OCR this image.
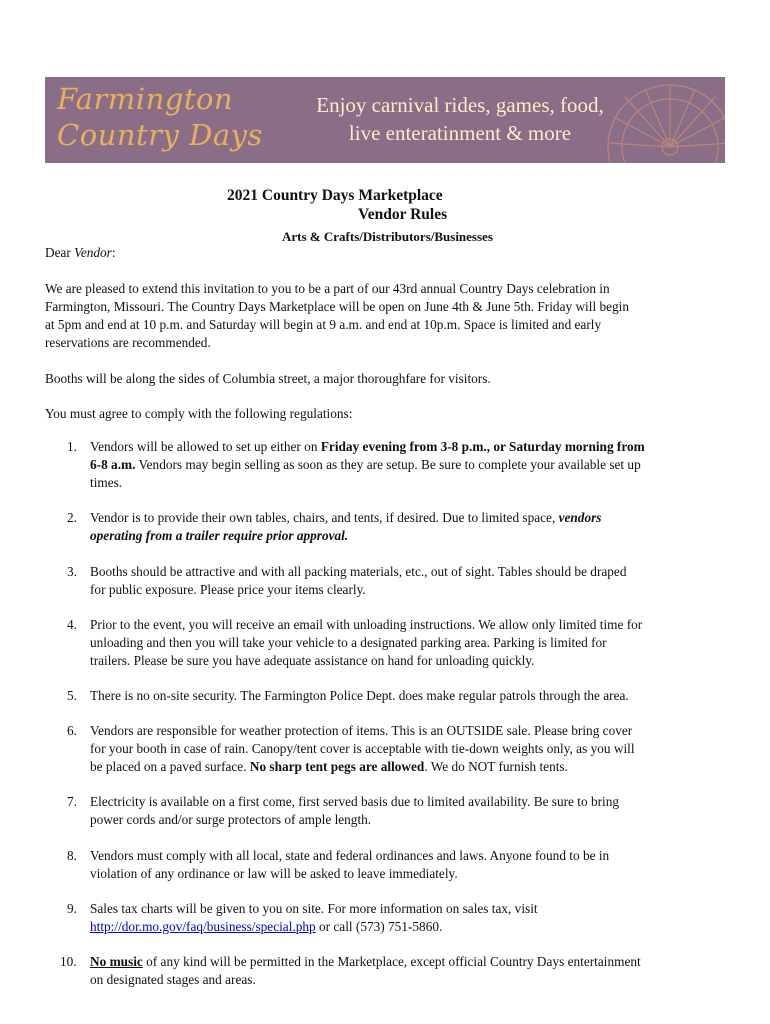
Farmington
Country Days
Enjoy carnival rides, games, food,
live enteratinment & more
2021 Country Days Marketplace
Vendor Rules
Arts & Crafts/Distributors/Businesses
Dear Vendor:
We are pleased to extend this invitation to you to be a part of our 43rd annual Country Days celebration in
Farmington, Missouri. The Country Days Marketplace will be open on June 4th & June 5th. Friday will begin
at 5pm and end at 10 p.m. and Saturday will begin at 9 a.m. and end at 10p.m. Space is limited and early
reservations are recommended.
Booths will be along the sides of Columbia street, a major thoroughfare for visitors.
You must agree to comply with the following regulations:
1. Vendors will be allowed to set up either on Friday evening from 3-8 p.m., or Saturday morning from
6-8 a.m. Vendors may begin selling as soon as they are setup. Be sure to complete your available set up
times.
2. Vendor is to provide their own tables, chairs, and tents, if desired. Due to limited space, vendors
operating from a trailer require prior approval.
3. Booths should be attractive and with all packing materials, etc., out of sight. Tables should be draped
for public exposure. Please price your items clearly.
4. Prior to the event, you will receive an email with unloading instructions. We allow only limited time for
unloading and then you will take your vehicle to a designated parking area. Parking is limited for
trailers. Please be sure you have adequate assistance on hand for unloading quickly.
5. There is no on-site security. The Farmington Police Dept. does make regular patrols through the area.
6. Vendors are responsible for weather protection of items. This is an OUTSIDE sale. Please bring cover
for your booth in case of rain. Canopy/tent cover is acceptable with tie-down weights only, as you will
be placed on a paved surface. No sharp tent pegs are allowed. We do NOT furnish tents.
7. Electricity is available on a first come, first served basis due to limited availability. Be sure to bring
power cords and/or surge protectors of ample length.
8. Vendors must comply with all local, state and federal ordinances and laws. Anyone found to be in
violation of any ordinance or law will be asked to leave immediately.
9. Sales tax charts will be given to you on site. For more information on sales tax, visit
http://dor.mo.gov/faq/business/special.php or call (573) 751-5860.
10. No music of any kind will be permitted in the Marketplace, except official Country Days entertainment
on designated stages and areas.
